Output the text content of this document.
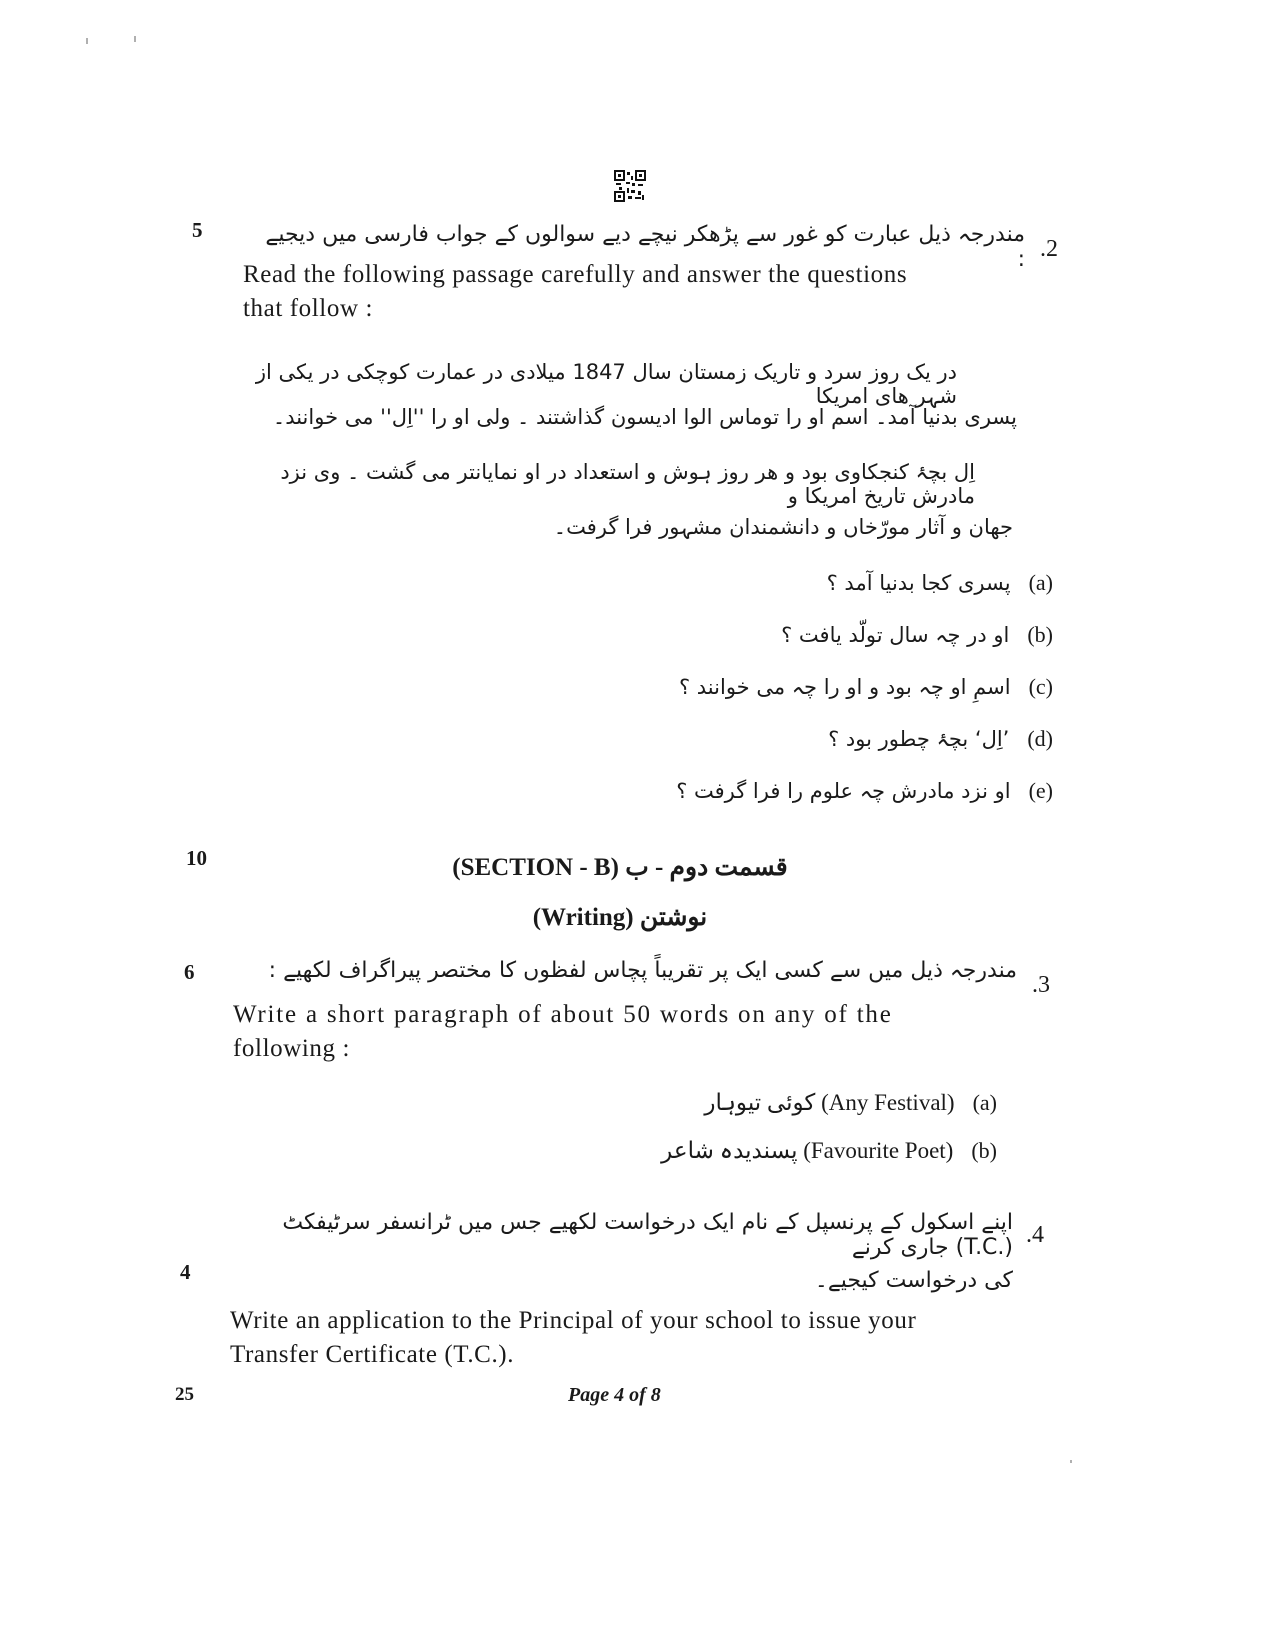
5
.2
مندرجہ ذیل عبارت کو غور سے پڑھکر نیچے دیے سوالوں کے جواب فارسی میں دیجیے :
Read the following passage carefully and answer the questions
that follow :
در یک روز سرد و تاریک زمستان سال 1847 میلادی در عمارت کوچکی در یکی از شہر ھای امریکا
پسری بدنیا آمد۔ اسم او را توماس الوا ادیسون گذاشتند ۔ ولی او را ''اِل'' می خوانند۔
اِل بچۂ کنجکاوی بود و ھر روز ہوش و استعداد در او نمایانتر می گشت ۔ وی نزد مادرش تاریخ امریکا و
جھان و آثار مورّخاں و دانشمندان مشہور فرا گرفت۔
(a)
پسری کجا بدنیا آمد ؟
(b)
او در چہ سال تولّد یافت ؟
(c)
اسمِ او چہ بود و او را چہ می خوانند ؟
(d)
’اِل‘ بچۂ چطور بود ؟
(e)
او نزد مادرش چہ علوم را فرا گرفت ؟
10	(SECTION - B) قسمت دوم - ب
(Writing) نوشتن
6	.3
مندرجہ ذیل میں سے کسی ایک پر تقریباً پچاس لفظوں کا مختصر پیراگراف لکھیے :
Write a short paragraph of about 50 words on any of the
following :
(a)
کوئی تیوہار (Any Festival)
(b)
پسندیدہ شاعر (Favourite Poet)
.4
4
اپنے اسکول کے پرنسپل کے نام ایک درخواست لکھیے جس میں ٹرانسفر سرٹیفکٹ (.T.C) جاری کرنے
کی درخواست کیجیے۔
Write an application to the Principal of your school to issue your
Transfer Certificate (T.C.).
25	Page 4 of 8
